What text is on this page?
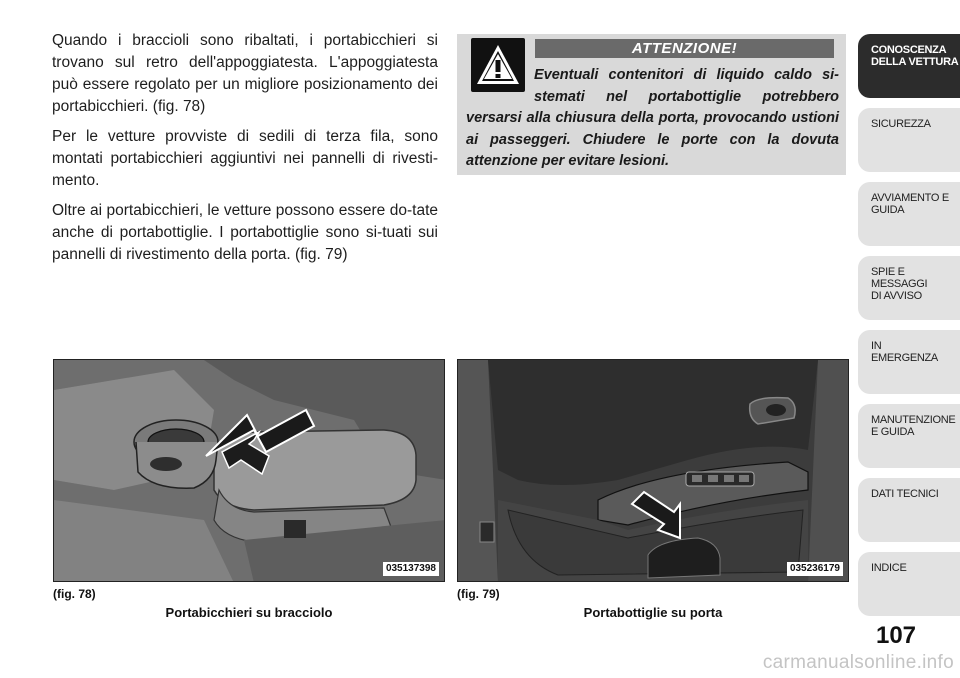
Quando i braccioli sono ribaltati, i portabicchieri si trovano sul retro dell'appoggiatesta. L'appoggiatesta può essere regolato per un migliore posizionamento dei portabicchieri. (fig. 78)

Per le vetture provviste di sedili di terza fila, sono montati portabicchieri aggiuntivi nei pannelli di rivesti-mento.

Oltre ai portabicchieri, le vetture possono essere do-tate anche di portabottiglie. I portabottiglie sono si-tuati sui pannelli di rivestimento della porta. (fig. 79)

ATTENZIONE!
Eventuali contenitori di liquido caldo si-stemati nel portabottiglie potrebbero versarsi alla chiusura della porta, provocando ustioni ai passeggeri. Chiudere le porte con la dovuta attenzione per evitare lesioni.
035137398
(fig. 78)
Portabicchieri su bracciolo
035236179
(fig. 79)
Portabottiglie su porta
CONOSCENZA
DELLA VETTURA
SICUREZZA
AVVIAMENTO E
GUIDA
SPIE E
MESSAGGI
DI AVVISO
IN
EMERGENZA
MANUTENZIONE
E GUIDA
DATI TECNICI
INDICE
107
carmanualsonline.info
